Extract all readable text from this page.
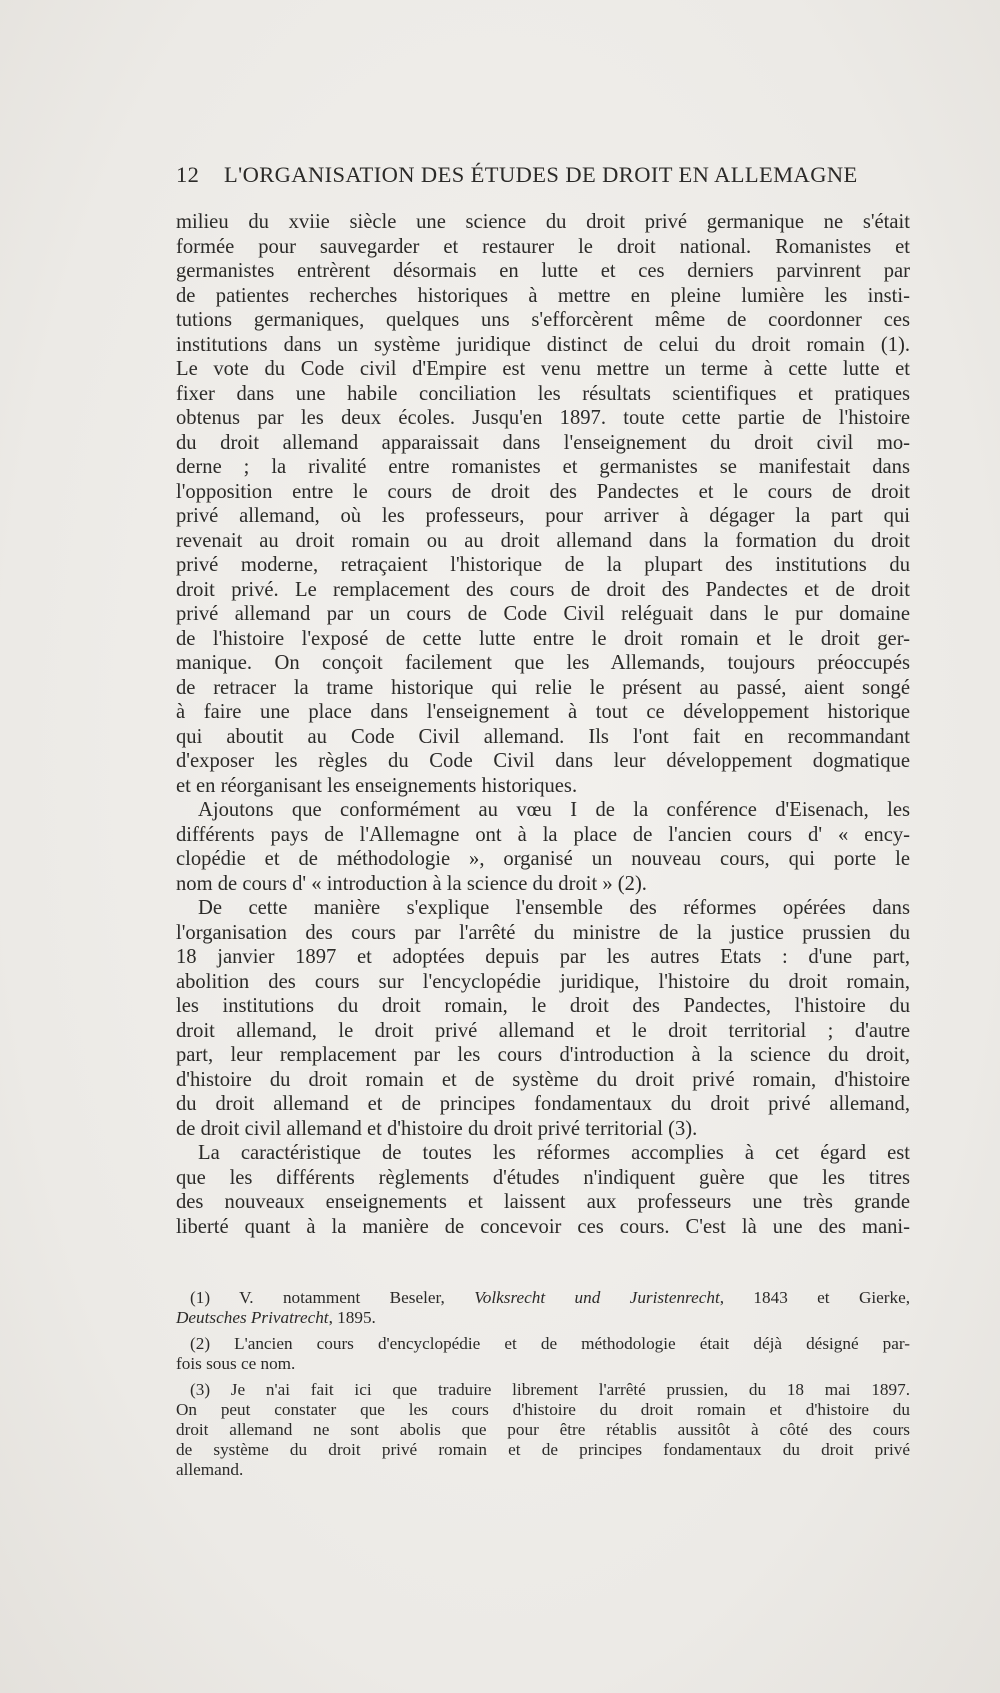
12 L'ORGANISATION DES ÉTUDES DE DROIT EN ALLEMAGNE
milieu du xviie siècle une science du droit privé germanique ne s'était
formée pour sauvegarder et restaurer le droit national. Romanistes et
germanistes entrèrent désormais en lutte et ces derniers parvinrent par
de patientes recherches historiques à mettre en pleine lumière les insti-
tutions germaniques, quelques uns s'efforcèrent même de coordonner ces
institutions dans un système juridique distinct de celui du droit romain (1).
Le vote du Code civil d'Empire est venu mettre un terme à cette lutte et
fixer dans une habile conciliation les résultats scientifiques et pratiques
obtenus par les deux écoles. Jusqu'en 1897. toute cette partie de l'histoire
du droit allemand apparaissait dans l'enseignement du droit civil mo-
derne ; la rivalité entre romanistes et germanistes se manifestait dans
l'opposition entre le cours de droit des Pandectes et le cours de droit
privé allemand, où les professeurs, pour arriver à dégager la part qui
revenait au droit romain ou au droit allemand dans la formation du droit
privé moderne, retraçaient l'historique de la plupart des institutions du
droit privé. Le remplacement des cours de droit des Pandectes et de droit
privé allemand par un cours de Code Civil reléguait dans le pur domaine
de l'histoire l'exposé de cette lutte entre le droit romain et le droit ger-
manique. On conçoit facilement que les Allemands, toujours préoccupés
de retracer la trame historique qui relie le présent au passé, aient songé
à faire une place dans l'enseignement à tout ce développement historique
qui aboutit au Code Civil allemand. Ils l'ont fait en recommandant
d'exposer les règles du Code Civil dans leur développement dogmatique
et en réorganisant les enseignements historiques.
Ajoutons que conformément au vœu I de la conférence d'Eisenach, les
différents pays de l'Allemagne ont à la place de l'ancien cours d' « ency-
clopédie et de méthodologie », organisé un nouveau cours, qui porte le
nom de cours d' « introduction à la science du droit » (2).
De cette manière s'explique l'ensemble des réformes opérées dans
l'organisation des cours par l'arrêté du ministre de la justice prussien du
18 janvier 1897 et adoptées depuis par les autres Etats : d'une part,
abolition des cours sur l'encyclopédie juridique, l'histoire du droit romain,
les institutions du droit romain, le droit des Pandectes, l'histoire du
droit allemand, le droit privé allemand et le droit territorial ; d'autre
part, leur remplacement par les cours d'introduction à la science du droit,
d'histoire du droit romain et de système du droit privé romain, d'histoire
du droit allemand et de principes fondamentaux du droit privé allemand,
de droit civil allemand et d'histoire du droit privé territorial (3).
La caractéristique de toutes les réformes accomplies à cet égard est
que les différents règlements d'études n'indiquent guère que les titres
des nouveaux enseignements et laissent aux professeurs une très grande
liberté quant à la manière de concevoir ces cours. C'est là une des mani-
(1) V. notamment Beseler, Volksrecht und Juristenrecht, 1843 et Gierke,
Deutsches Privatrecht, 1895.
(2) L'ancien cours d'encyclopédie et de méthodologie était déjà désigné par-
fois sous ce nom.
(3) Je n'ai fait ici que traduire librement l'arrêté prussien, du 18 mai 1897.
On peut constater que les cours d'histoire du droit romain et d'histoire du
droit allemand ne sont abolis que pour être rétablis aussitôt à côté des cours
de système du droit privé romain et de principes fondamentaux du droit privé
allemand.
